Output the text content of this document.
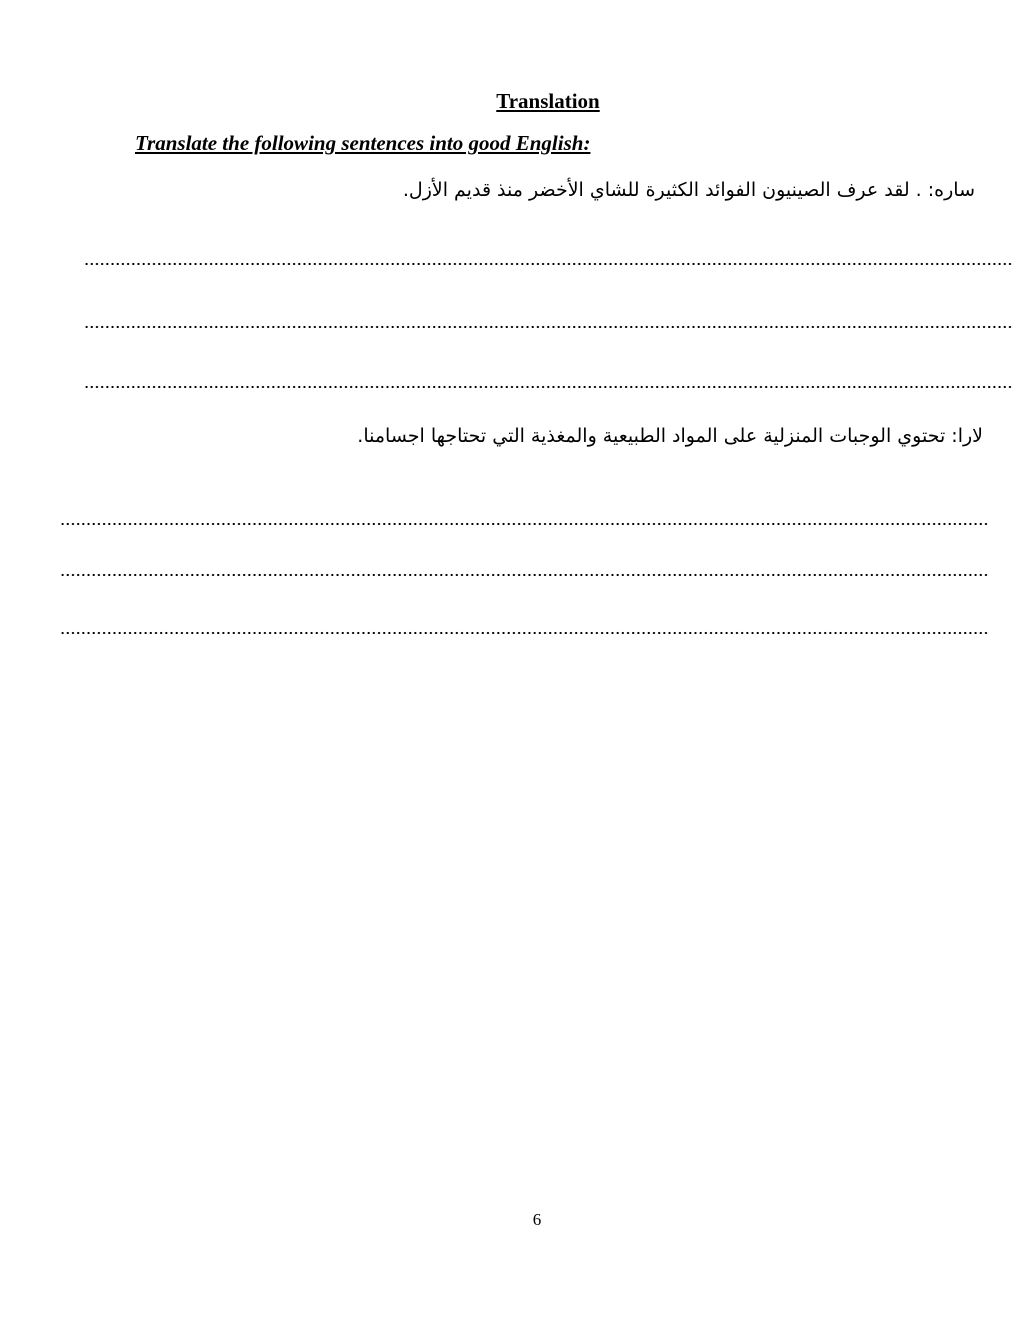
Translation

Translate the following sentences into good English:

ساره: . لقد عرف الصينيون الفوائد الكثيرة للشاي الأخضر منذ قديم الأزل.

لارا: تحتوي الوجبات المنزلية على المواد الطبيعية والمغذية التي تحتاجها اجسامنا.

6
